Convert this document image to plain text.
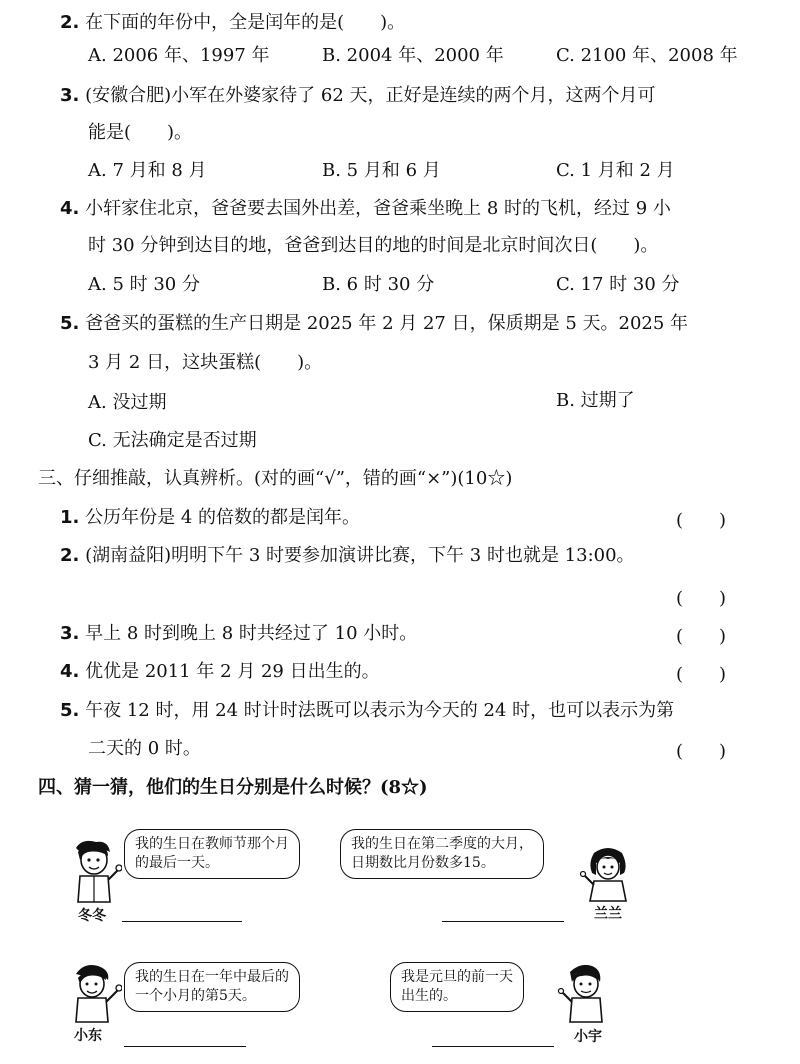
2. 在下面的年份中，全是闰年的是(　　)。
A. 2006 年、1997 年	B. 2004 年、2000 年	C. 2100 年、2008 年
3. (安徽合肥)小军在外婆家待了 62 天，正好是连续的两个月，这两个月可
能是(　　)。
A. 7 月和 8 月	B. 5 月和 6 月	C. 1 月和 2 月
4. 小轩家住北京，爸爸要去国外出差，爸爸乘坐晚上 8 时的飞机，经过 9 小
时 30 分钟到达目的地，爸爸到达目的地的时间是北京时间次日(　　)。
A. 5 时 30 分	B. 6 时 30 分	C. 17 时 30 分
5. 爸爸买的蛋糕的生产日期是 2025 年 2 月 27 日，保质期是 5 天。2025 年
3 月 2 日，这块蛋糕(　　)。
A. 没过期	B. 过期了
C. 无法确定是否过期
三、仔细推敲，认真辨析。(对的画“√”，错的画“×”)(10☆)
1. 公历年份是 4 的倍数的都是闰年。	(　　)
2. (湖南益阳)明明下午 3 时要参加演讲比赛，下午 3 时也就是 13:00。
(　　)
3. 早上 8 时到晚上 8 时共经过了 10 小时。	(　　)
4. 优优是 2011 年 2 月 29 日出生的。	(　　)
5. 午夜 12 时，用 24 时计时法既可以表示为今天的 24 时，也可以表示为第
二天的 0 时。	(　　)
四、猜一猜，他们的生日分别是什么时候？(8☆)
冬冬
我的生日在教师节那个月
的最后一天。
我的生日在第二季度的大月，
日期数比月份数多15。
兰兰
小东
我的生日在一年中最后的
一个小月的第5天。
我是元旦的前一天
出生的。
小宇
